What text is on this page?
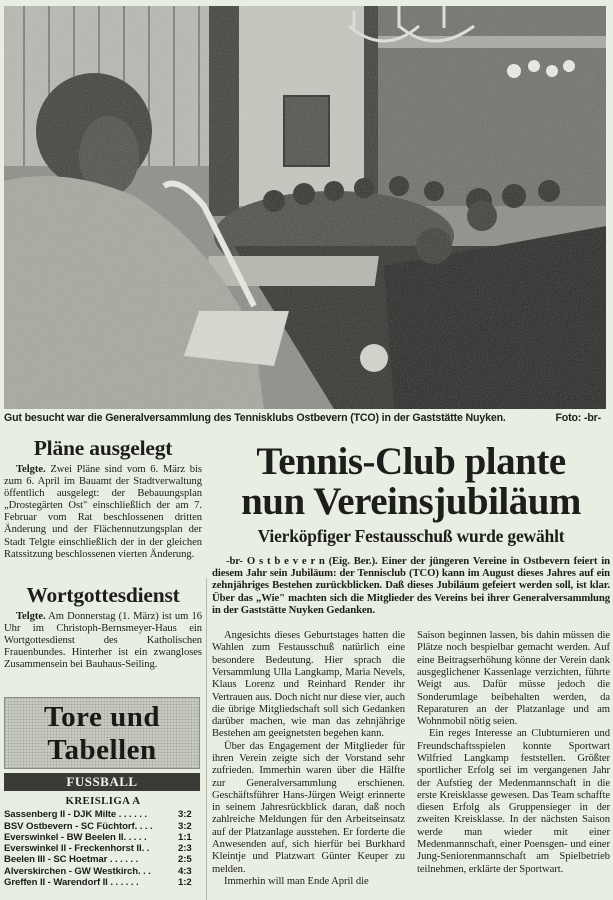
Gut besucht war die Generalversammlung des Tennisklubs Ostbevern (TCO) in der Gaststätte Nuyken.	Foto: -br-
Pläne ausgelegt
Telgte. Zwei Pläne sind vom 6. März bis zum 6. April im Bauamt der Stadtverwaltung öffentlich ausgelegt: der Bebauungsplan „Drostegärten Ost" einschließlich der am 7. Februar vom Rat beschlossenen dritten Änderung und der Flächennutzungsplan der Stadt Telgte einschließlich der in der gleichen Ratssitzung beschlossenen vierten Änderung.
Wortgottesdienst
Telgte. Am Donnerstag (1. März) ist um 16 Uhr im Christoph-Bernsmeyer-Haus ein Wortgottesdienst des Katholischen Frauenbundes. Hinterher ist ein zwangloses Zusammensein bei Bauhaus-Seiling.
Tore und
Tabellen
FUSSBALL
KREISLIGA A
Sassenberg II - DJK Milte . . . . . .	3:2
BSV Ostbevern - SC Füchtorf. . . .	3:2
Everswinkel - BW Beelen II. . . . .	1:1
Everswinkel II - Freckenhorst II. .	2:3
Beelen III - SC Hoetmar . . . . . .	2:5
Alverskirchen - GW Westkirch. . .	4:3
Greffen II - Warendorf II . . . . . .	1:2
Tennis-Club plante
nun Vereinsjubiläum
Vierköpfiger Festausschuß wurde gewählt
-br- O s t b e v e r n (Eig. Ber.). Einer der jüngeren Vereine in Ostbevern feiert in diesem Jahr sein Jubiläum: der Tennisclub (TCO) kann im August dieses Jahres auf ein zehnjähriges Bestehen zurückblicken. Daß dieses Jubiläum gefeiert werden soll, ist klar. Über das „Wie" machten sich die Mitglieder des Vereins bei ihrer Generalversammlung in der Gaststätte Nuyken Gedanken.

Angesichts dieses Geburtstages hatten die Wahlen zum Festausschuß natürlich eine besondere Bedeutung. Hier sprach die Versammlung Ulla Langkamp, Maria Nevels, Klaus Lorenz und Reinhard Render ihr Vertrauen aus. Doch nicht nur diese vier, auch die übrige Mitgliedschaft soll sich Gedanken darüber machen, wie man das zehnjährige Bestehen am geeignetsten begehen kann.

Über das Engagement der Mitglieder für ihren Verein zeigte sich der Vorstand sehr zufrieden. Immerhin waren über die Hälfte zur Generalversammlung erschienen. Geschäftsführer Hans-Jürgen Weigt erinnerte in seinem Jahresrückblick daran, daß noch zahlreiche Meldungen für den Arbeitseinsatz auf der Platzanlage ausstehen. Er forderte die Anwesenden auf, sich hierfür bei Burkhard Kleintje und Platzwart Günter Keuper zu melden.

Immerhin will man Ende April die

Saison beginnen lassen, bis dahin müssen die Plätze noch bespielbar gemacht werden. Auf eine Beitragserhöhung könne der Verein dank ausgeglichener Kassenlage verzichten, führte Weigt aus. Dafür müsse jedoch die Sonderumlage beibehalten werden, da Reparaturen an der Platzanlage und am Wohnmobil nötig seien.

Ein reges Interesse an Clubturnieren und Freundschaftsspielen konnte Sportwart Wilfried Langkamp feststellen. Größter sportlicher Erfolg sei im vergangenen Jahr der Aufstieg der Medenmannschaft in die erste Kreisklasse gewesen. Das Team schaffte diesen Erfolg als Gruppensieger in der zweiten Kreisklasse. In der nächsten Saison werde man wieder mit einer Medenmannschaft, einer Poensgen- und einer Jung-Seniorenmannschaft am Spielbetrieb teilnehmen, erklärte der Sportwart.
